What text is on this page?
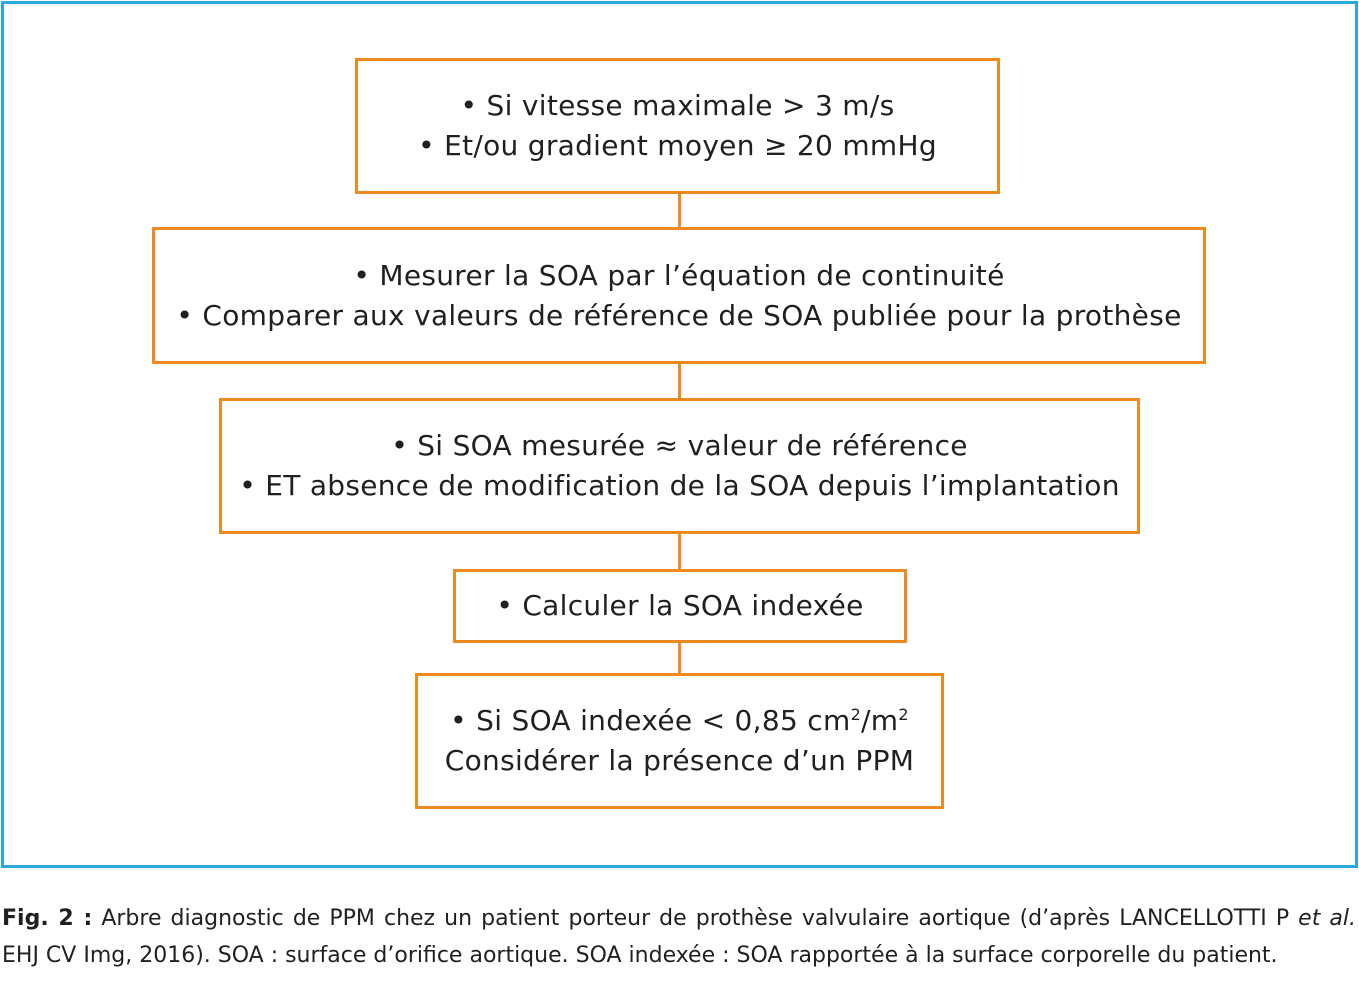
• Si vitesse maximale > 3 m/s
• Et/ou gradient moyen ≥ 20 mmHg
• Mesurer la SOA par l’équation de continuité
• Comparer aux valeurs de référence de SOA publiée pour la prothèse
• Si SOA mesurée ≈ valeur de référence
• ET absence de modification de la SOA depuis l’implantation
• Calculer la SOA indexée
• Si SOA indexée < 0,85 $cm^2/m^2$
Considérer la présence d’un PPM
Fig. 2 : Arbre diagnostic de PPM chez un patient porteur de prothèse valvulaire aortique (d’après LANCELLOTTI P et al. EHJ CV Img, 2016). SOA : surface d’orifice aortique. SOA indexée : SOA rapportée à la surface corporelle du patient.
